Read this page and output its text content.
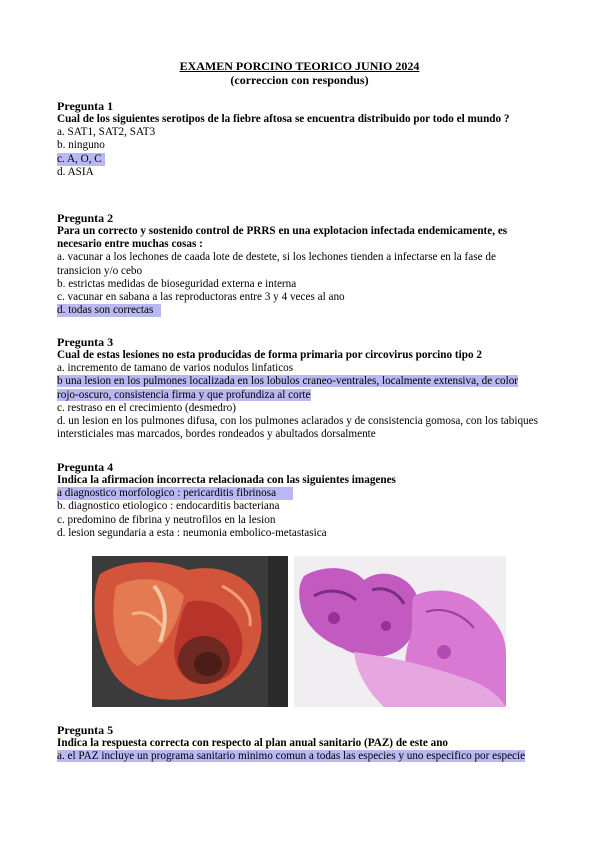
EXAMEN PORCINO TEORICO JUNIO 2024
(correccion con respondus)
Pregunta 1
Cual de los siguientes serotipos de la fiebre aftosa se encuentra distribuido por todo el mundo ?
a. SAT1, SAT2, SAT3
b. ninguno
c. A, O, C
d. ASIA
Pregunta 2
Para un correcto y sostenido control de PRRS en una explotacion infectada endemicamente, es necesario entre muchas cosas :
a. vacunar a los lechones de caada lote de destete, si los lechones tienden a infectarse en la fase de transicion y/o cebo
b. estrictas medidas de bioseguridad externa e interna
c. vacunar en sabana a las reproductoras entre 3 y 4 veces al ano
d. todas son correctas
Pregunta 3
Cual de estas lesiones no esta producidas de forma primaria por circovirus porcino tipo 2
a. incremento de tamano de varios nodulos linfaticos
b una lesion en los pulmones localizada en los lobulos craneo-ventrales, localmente extensiva, de color rojo-oscuro, consistencia firma y que profundiza al corte
c. restraso en el crecimiento (desmedro)
d. un lesion en los pulmones difusa, con los pulmones aclarados y de consistencia gomosa, con los tabiques intersticiales mas marcados, bordes rondeados y abultados dorsalmente
Pregunta 4
Indica la afirmacion incorrecta relacionada con las siguientes imagenes
a diagnostico morfologico : pericarditis fibrinosa
b. diagnostico etiologico : endocarditis bacteriana
c. predomino de fibrina y neutrofilos en la lesion
d. lesion segundaria a esta : neumonia embolico-metastasica
Pregunta 5
Indica la respuesta correcta con respecto al plan anual sanitario (PAZ) de este ano
a. el PAZ incluye un programa sanitario minimo comun a todas las especies y uno especifico por especie
